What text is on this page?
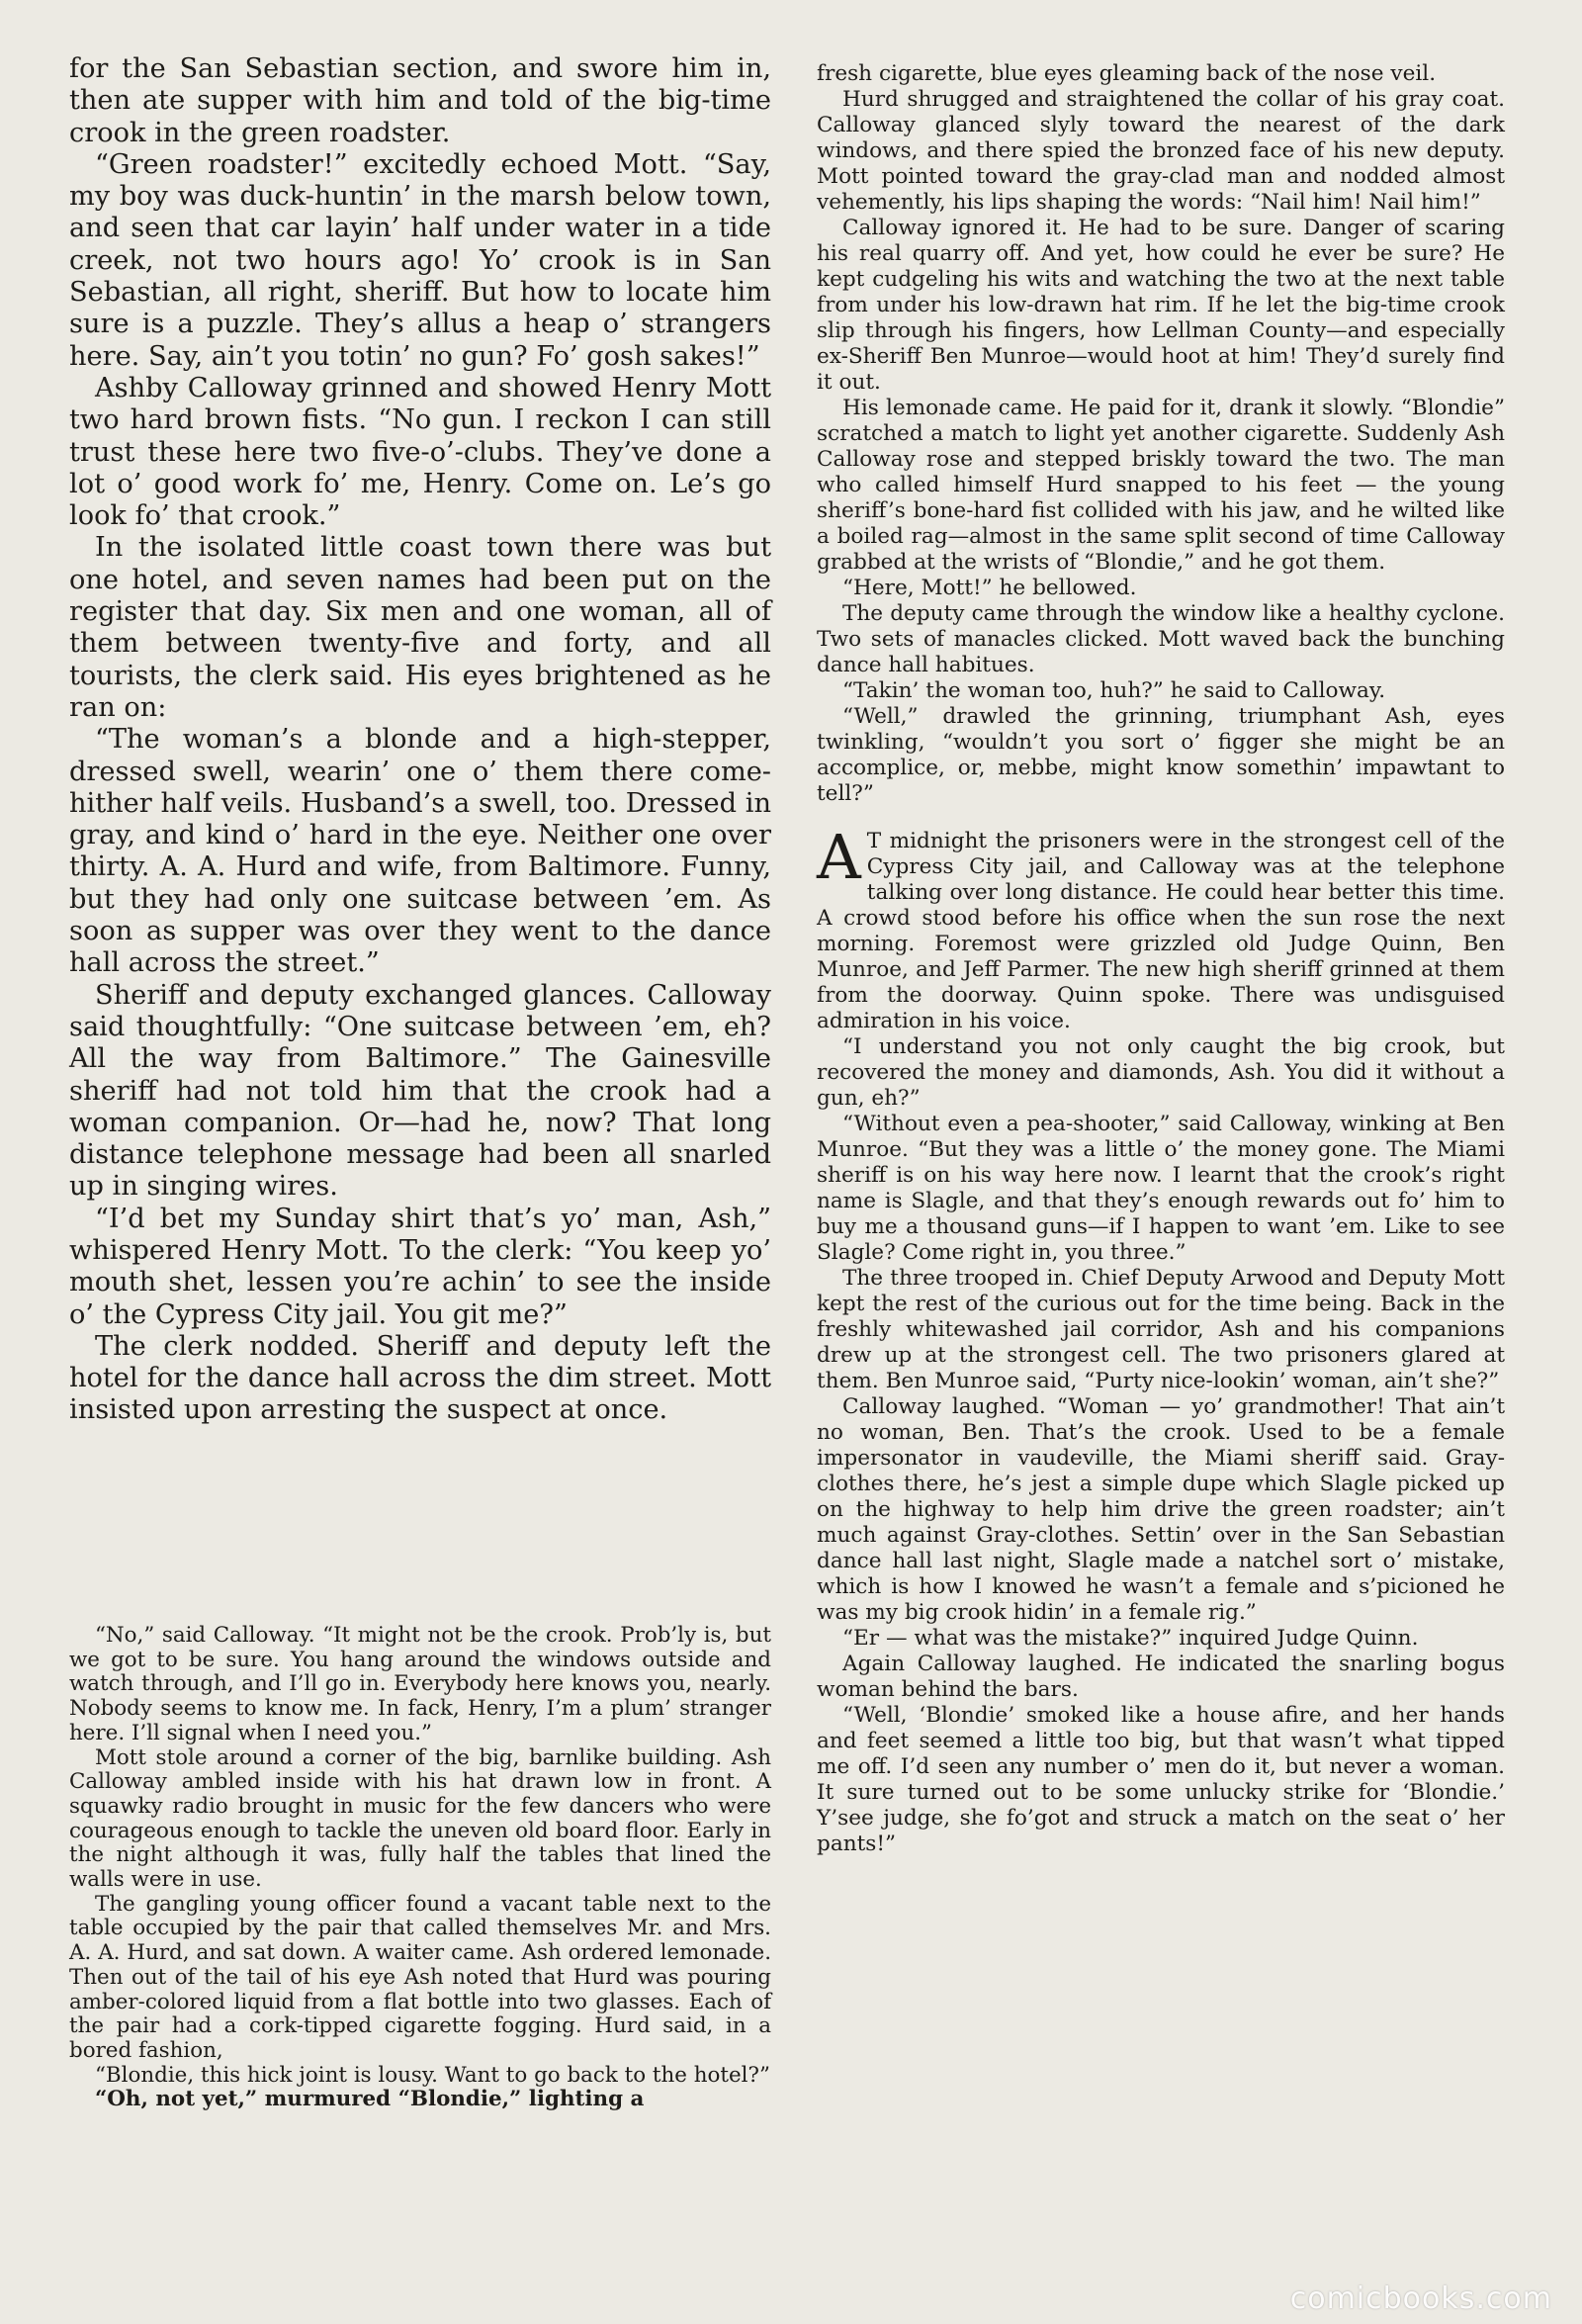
for the San Sebastian section, and swore him in, then ate supper with him and told of the big-time crook in the green roadster.

“Green roadster!” excitedly echoed Mott. “Say, my boy was duck-huntin’ in the marsh below town, and seen that car layin’ half under water in a tide creek, not two hours ago! Yo’ crook is in San Sebastian, all right, sheriff. But how to locate him sure is a puzzle. They’s allus a heap o’ strangers here. Say, ain’t you totin’ no gun? Fo’ gosh sakes!”

Ashby Calloway grinned and showed Henry Mott two hard brown fists. “No gun. I reckon I can still trust these here two five-o’-clubs. They’ve done a lot o’ good work fo’ me, Henry. Come on. Le’s go look fo’ that crook.”

In the isolated little coast town there was but one hotel, and seven names had been put on the register that day. Six men and one woman, all of them between twenty-five and forty, and all tourists, the clerk said. His eyes brightened as he ran on:

“The woman’s a blonde and a high-stepper, dressed swell, wearin’ one o’ them there come-hither half veils. Husband’s a swell, too. Dressed in gray, and kind o’ hard in the eye. Neither one over thirty. A. A. Hurd and wife, from Baltimore. Funny, but they had only one suitcase between ’em. As soon as supper was over they went to the dance hall across the street.”

Sheriff and deputy exchanged glances. Calloway said thoughtfully: “One suitcase between ’em, eh? All the way from Baltimore.” The Gainesville sheriff had not told him that the crook had a woman companion. Or—had he, now? That long distance telephone message had been all snarled up in singing wires.

“I’d bet my Sunday shirt that’s yo’ man, Ash,” whispered Henry Mott. To the clerk: “You keep yo’ mouth shet, lessen you’re achin’ to see the inside o’ the Cypress City jail. You git me?”

The clerk nodded. Sheriff and deputy left the hotel for the dance hall across the dim street. Mott insisted upon arresting the suspect at once.

“No,” said Calloway. “It might not be the crook. Prob’ly is, but we got to be sure. You hang around the windows outside and watch through, and I’ll go in. Everybody here knows you, nearly. Nobody seems to know me. In fack, Henry, I’m a plum’ stranger here. I’ll signal when I need you.”

Mott stole around a corner of the big, barnlike building. Ash Calloway ambled inside with his hat drawn low in front. A squawky radio brought in music for the few dancers who were courageous enough to tackle the uneven old board floor. Early in the night although it was, fully half the tables that lined the walls were in use.

The gangling young officer found a vacant table next to the table occupied by the pair that called themselves Mr. and Mrs. A. A. Hurd, and sat down. A waiter came. Ash ordered lemonade. Then out of the tail of his eye Ash noted that Hurd was pouring amber-colored liquid from a flat bottle into two glasses. Each of the pair had a cork-tipped cigarette fogging. Hurd said, in a bored fashion,

“Blondie, this hick joint is lousy. Want to go back to the hotel?”

“Oh, not yet,” murmured “Blondie,” lighting a

fresh cigarette, blue eyes gleaming back of the nose veil.

Hurd shrugged and straightened the collar of his gray coat. Calloway glanced slyly toward the nearest of the dark windows, and there spied the bronzed face of his new deputy. Mott pointed toward the gray-clad man and nodded almost vehemently, his lips shaping the words: “Nail him! Nail him!”

Calloway ignored it. He had to be sure. Danger of scaring his real quarry off. And yet, how could he ever be sure? He kept cudgeling his wits and watching the two at the next table from under his low-drawn hat rim. If he let the big-time crook slip through his fingers, how Lellman County—and especially ex-Sheriff Ben Munroe—would hoot at him! They’d surely find it out.

His lemonade came. He paid for it, drank it slowly. “Blondie” scratched a match to light yet another cigarette. Suddenly Ash Calloway rose and stepped briskly toward the two. The man who called himself Hurd snapped to his feet — the young sheriff’s bone-hard fist collided with his jaw, and he wilted like a boiled rag—almost in the same split second of time Calloway grabbed at the wrists of “Blondie,” and he got them.

“Here, Mott!” he bellowed.

The deputy came through the window like a healthy cyclone. Two sets of manacles clicked. Mott waved back the bunching dance hall habitues.

“Takin’ the woman too, huh?” he said to Calloway.

“Well,” drawled the grinning, triumphant Ash, eyes twinkling, “wouldn’t you sort o’ figger she might be an accomplice, or, mebbe, might know somethin’ impawtant to tell?”

A T midnight the prisoners were in the strongest cell of the Cypress City jail, and Calloway was at the telephone talking over long distance. He could hear better this time. A crowd stood before his office when the sun rose the next morning. Foremost were grizzled old Judge Quinn, Ben Munroe, and Jeff Parmer. The new high sheriff grinned at them from the doorway. Quinn spoke. There was undisguised admiration in his voice.

“I understand you not only caught the big crook, but recovered the money and diamonds, Ash. You did it without a gun, eh?”

“Without even a pea-shooter,” said Calloway, winking at Ben Munroe. “But they was a little o’ the money gone. The Miami sheriff is on his way here now. I learnt that the crook’s right name is Slagle, and that they’s enough rewards out fo’ him to buy me a thousand guns—if I happen to want ’em. Like to see Slagle? Come right in, you three.”

The three trooped in. Chief Deputy Arwood and Deputy Mott kept the rest of the curious out for the time being. Back in the freshly whitewashed jail corridor, Ash and his companions drew up at the strongest cell. The two prisoners glared at them. Ben Munroe said, “Purty nice-lookin’ woman, ain’t she?”

Calloway laughed. “Woman — yo’ grandmother! That ain’t no woman, Ben. That’s the crook. Used to be a female impersonator in vaudeville, the Miami sheriff said. Gray-clothes there, he’s jest a simple dupe which Slagle picked up on the highway to help him drive the green roadster; ain’t much against Gray-clothes. Settin’ over in the San Sebastian dance hall last night, Slagle made a natchel sort o’ mistake, which is how I knowed he wasn’t a female and s’picioned he was my big crook hidin’ in a female rig.”

“Er — what was the mistake?” inquired Judge Quinn.

Again Calloway laughed. He indicated the snarling bogus woman behind the bars.

“Well, ‘Blondie’ smoked like a house afire, and her hands and feet seemed a little too big, but that wasn’t what tipped me off. I’d seen any number o’ men do it, but never a woman. It sure turned out to be some unlucky strike for ‘Blondie.’ Y’see judge, she fo’got and struck a match on the seat o’ her pants!”

comicbooks.com
